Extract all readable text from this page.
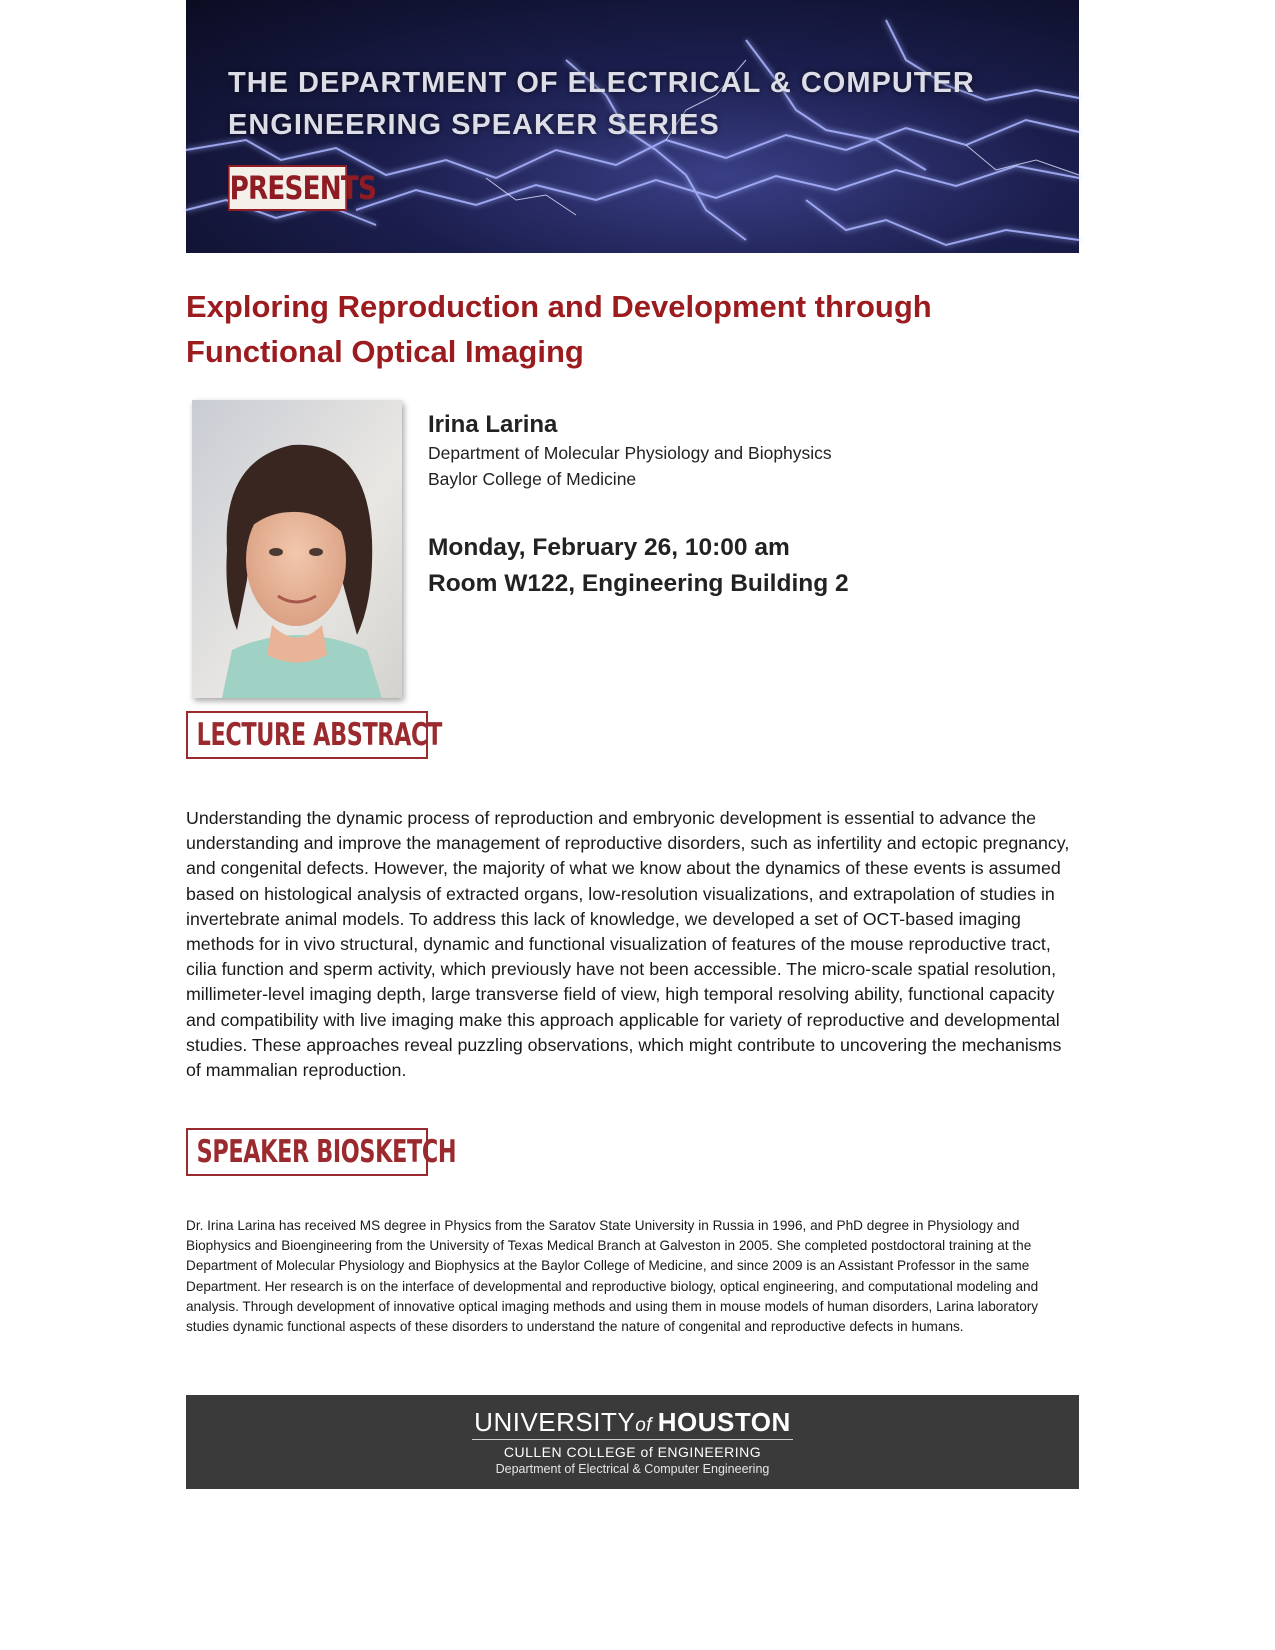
THE DEPARTMENT OF ELECTRICAL & COMPUTER
ENGINEERING SPEAKER SERIES
PRESENTS
Exploring Reproduction and Development through
Functional Optical Imaging
Irina Larina
Department of Molecular Physiology and Biophysics
Baylor College of Medicine
Monday, February 26, 10:00 am
Room W122, Engineering Building 2
LECTURE ABSTRACT
Understanding the dynamic process of reproduction and embryonic development is essential to advance the understanding and improve the management of reproductive disorders, such as infertility and ectopic pregnancy, and congenital defects. However, the majority of what we know about the dynamics of these events is assumed based on histological analysis of extracted organs, low-resolution visualizations, and extrapolation of studies in invertebrate animal models. To address this lack of knowledge, we developed a set of OCT-based imaging methods for in vivo structural, dynamic and functional visualization of features of the mouse reproductive tract, cilia function and sperm activity, which previously have not been accessible. The micro-scale spatial resolution, millimeter-level imaging depth, large transverse field of view, high temporal resolving ability, functional capacity and compatibility with live imaging make this approach applicable for variety of reproductive and developmental studies. These approaches reveal puzzling observations, which might contribute to uncovering the mechanisms of mammalian reproduction.
SPEAKER BIOSKETCH
Dr. Irina Larina has received MS degree in Physics from the Saratov State University in Russia in 1996, and PhD degree in Physiology and Biophysics and Bioengineering from the University of Texas Medical Branch at Galveston in 2005. She completed postdoctoral training at the Department of Molecular Physiology and Biophysics at the Baylor College of Medicine, and since 2009 is an Assistant Professor in the same Department. Her research is on the interface of developmental and reproductive biology, optical engineering, and computational modeling and analysis. Through development of innovative optical imaging methods and using them in mouse models of human disorders, Larina laboratory studies dynamic functional aspects of these disorders to understand the nature of congenital and reproductive defects in humans.
UNIVERSITYof  HOUSTON
CULLEN COLLEGE of ENGINEERING
Department of Electrical & Computer Engineering
